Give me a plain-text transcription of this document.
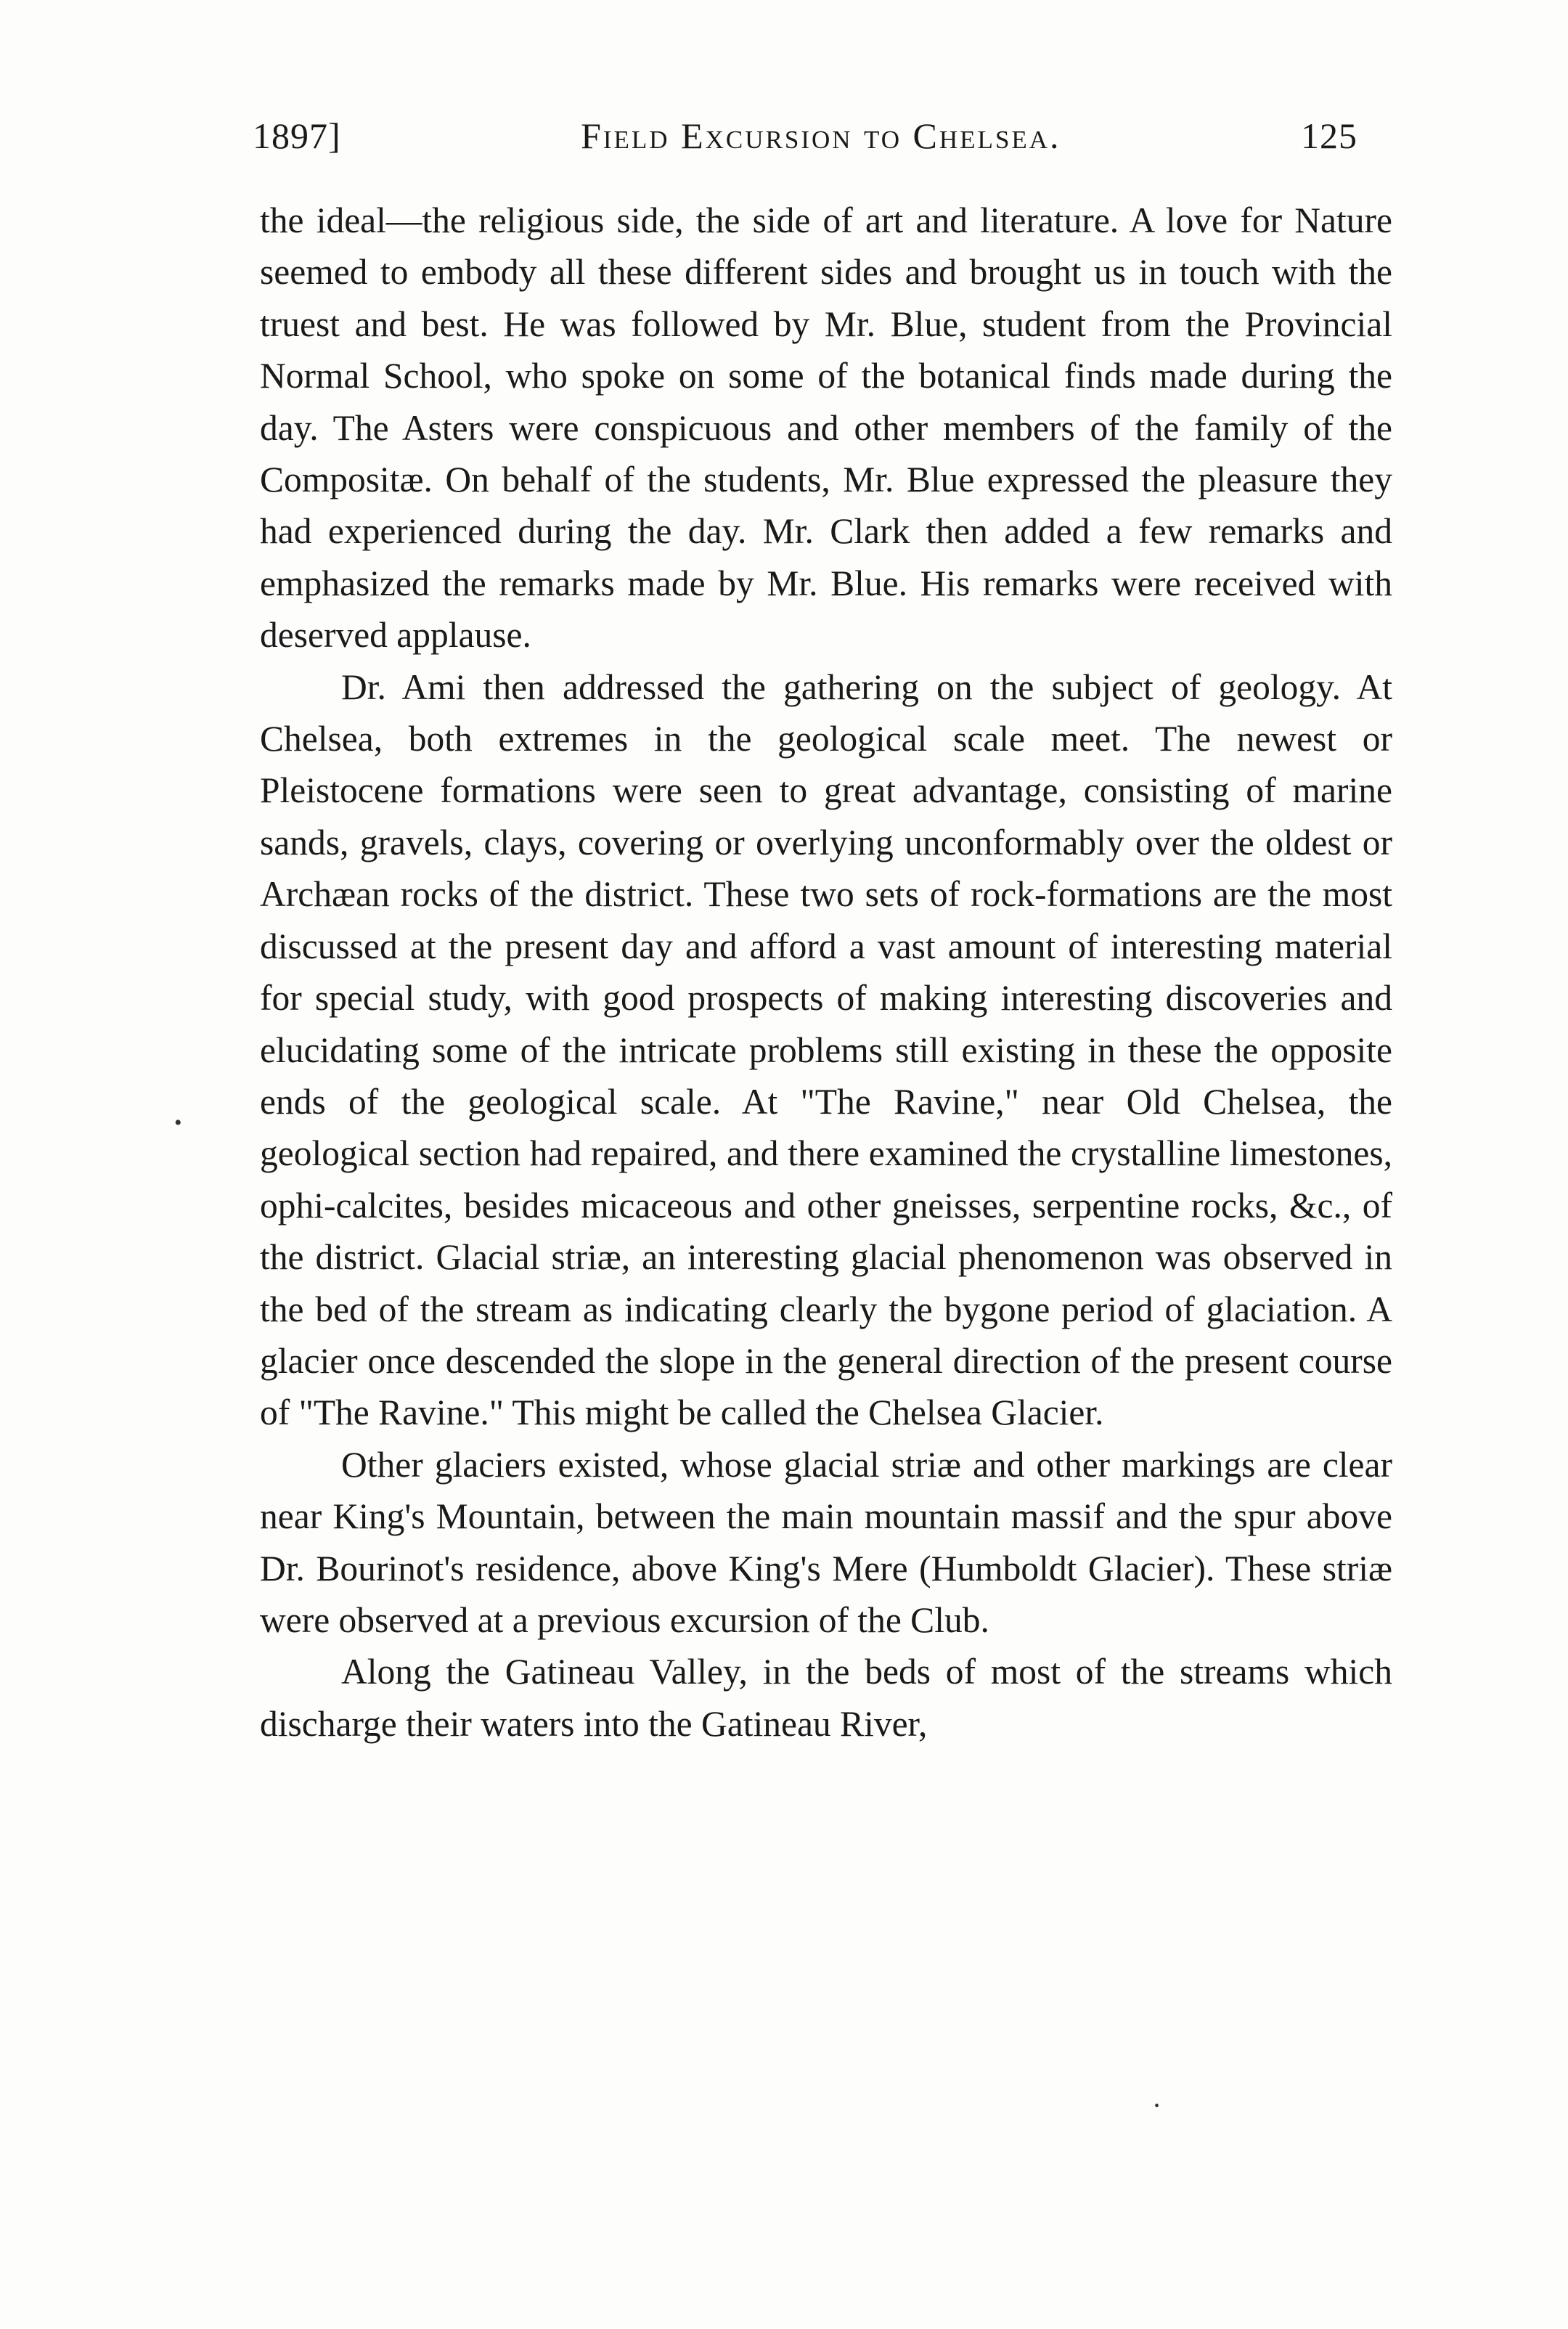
1897]	Field Excursion to Chelsea.	125

the ideal—the religious side, the side of art and literature. A love for Nature seemed to embody all these different sides and brought us in touch with the truest and best. He was followed by Mr. Blue, student from the Provincial Normal School, who spoke on some of the botanical finds made during the day. The Asters were conspicuous and other members of the family of the Compositæ. On behalf of the students, Mr. Blue expressed the pleasure they had experienced during the day. Mr. Clark then added a few remarks and emphasized the remarks made by Mr. Blue. His remarks were received with deserved applause.

Dr. Ami then addressed the gathering on the subject of geology. At Chelsea, both extremes in the geological scale meet. The newest or Pleistocene formations were seen to great advantage, consisting of marine sands, gravels, clays, covering or overlying unconformably over the oldest or Archæan rocks of the district. These two sets of rock-formations are the most discussed at the present day and afford a vast amount of interesting material for special study, with good prospects of making interesting discoveries and elucidating some of the intricate problems still existing in these the opposite ends of the geological scale. At "The Ravine," near Old Chelsea, the geological section had repaired, and there examined the crystalline limestones, ophi-calcites, besides micaceous and other gneisses, serpentine rocks, &c., of the district. Glacial striæ, an interesting glacial phenomenon was observed in the bed of the stream as indicating clearly the bygone period of glaciation. A glacier once descended the slope in the general direction of the present course of "The Ravine." This might be called the Chelsea Glacier.

Other glaciers existed, whose glacial striæ and other markings are clear near King's Mountain, between the main mountain massif and the spur above Dr. Bourinot's residence, above King's Mere (Humboldt Glacier). These striæ were observed at a previous excursion of the Club.

Along the Gatineau Valley, in the beds of most of the streams which discharge their waters into the Gatineau River,

•
•
